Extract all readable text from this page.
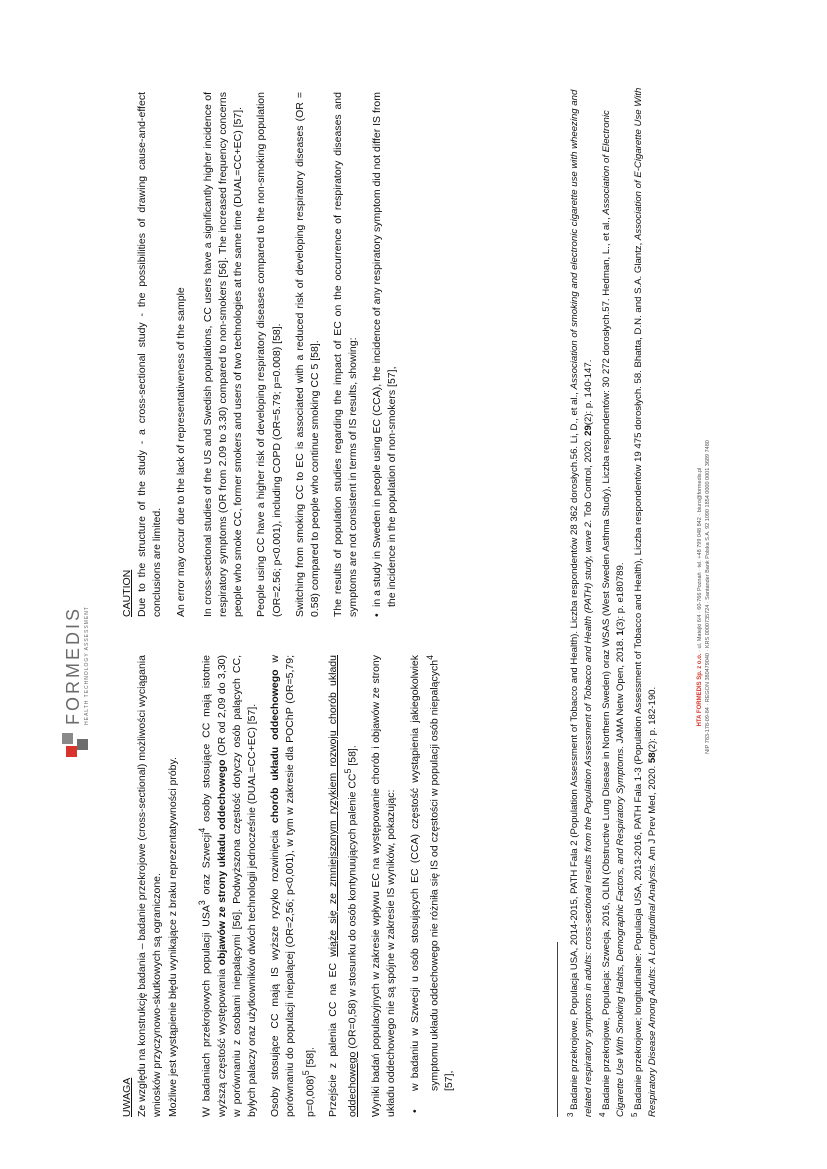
FORMEDIS HEALTH TECHNOLOGY ASSESSMENT

UWAGA Ze względu na konstrukcję badania – badanie przekrojowe (cross-sectional) możliwości wyciągania wniosków przyczynowo-skutkowych są ograniczone. Możliwe jest wystąpienie błędu wynikające z braku reprezentatywności próby.	W badaniach przekrojowych populacji USA$^3$ oraz Szwecji$^4$ osoby stosujące CC mają istotnie wyższą częstość występowania objawów ze strony układu oddechowego (OR od 2,09 do 3,30) w porównaniu z osobami niepalącymi [56]. Podwyższona częstość dotyczy osób palących CC, byłych palaczy oraz użytkowników dwóch technologii jednocześnie (DUAL=CC+EC) [57]. Osoby stosujące CC mają IS wyższe ryzyko rozwinięcia chorób układu oddechowego w porównaniu do populacji niepalącej (OR=2,56; p<0,001), w tym w zakresie dla POChP (OR=5,79; p=0,008)$^5$ [58]. Przejście z palenia CC na EC wiąże się ze zmniejszonym ryzykiem rozwoju chorób układu oddechowego (OR=0,58) w stosunku do osób kontynuujących palenie $CC^5$ [58]. Wyniki badań populacyjnych w zakresie wpływu EC na występowanie chorób i objawów ze strony układu oddechowego nie są spójne w zakresie IS wyników, pokazując: •
w badaniu w Szwecji u osób stosujących EC (CCA) częstość wystąpienia jakiegokolwiek symptomu układu oddechowego nie różniła się IS od częstości w populacji osób niepalących$^4$ [57],

CAUTION Due to the structure of the study - a cross-sectional study - the possibilities of drawing cause-and-effect conclusions are limited. An error may occur due to the lack of representativeness of the sample In cross-sectional studies of the US and Swedish populations, CC users have a significantly higher incidence of respiratory symptoms (OR from 2.09 to 3.30) compared to non-smokers [56]. The increased frequency concerns people who smoke CC, former smokers and users of two technologies at the same time (DUAL=CC+EC) [57]. People using CC have a higher risk of developing respiratory diseases compared to the non-smoking population (OR=2.56; p<0.001), including COPD (OR=5.79; p=0.008) [58]. Switching from smoking CC to EC is associated with a reduced risk of developing respiratory diseases (OR = 0.58) compared to people who continue smoking CC 5 [58]. The results of population studies regarding the impact of EC on the occurrence of respiratory diseases and symptoms are not consistent in terms of IS results, showing: •
in a study in Sweden in people using EC (CCA), the incidence of any respiratory symptom did not differ IS from the incidence in the population of non-smokers [57],

$^3$ Badanie przekrojowe, Populacja USA, 2014-2015, PATH Fala 2 (Population Assessment of Tobacco and Health). Liczba respondentów 28 362 dorosłych.56. Li, D., et al., Association of smoking and electronic cigarette use with wheezing and related respiratory symptoms in adults: cross-sectional results from the Population Assessment of Tobacco and Health (PATH) study, wave 2. Tob Control, 2020. 29(2): p. 140-147.

$^4$ Badanie przekrojowe, Populacja: Szwecja, 2016, OLIN (Obstructive Lung Disease in Northern Sweden) oraz WSAS (West Sweden Asthma Study), Liczba respondentów: 30 272 dorosłych.57. Hedman, L., et al., Association of Electronic Cigarette Use With Smoking Habits, Demographic Factors, and Respiratory Symptoms. JAMA Netw Open, 2018. 1(3): p. e180789.

$^5$ Badanie przekrojowe; longitudinalne: Populacja USA, 2013-2016, PATH Fala 1-3 (Population Assessment of Tobacco and Health), Liczba respondentów 19 475 dorosłych. 58. Bhatta, D.N. and S.A. Glantz, Association of E-Cigarette Use With Respiratory Disease Among Adults: A Longitudinal Analysis. Am J Prev Med, 2020. 58(2): p. 182-190.	HTA FORMEDIS Sp. z o.o. · ul. Matejki 6/4 · 60-766 Poznań · tel. +48 799 048 842 · biuro@formedis.pl NIP 783-178-09-84 · REGON 380479040 · KRS 0000735724 · Santander Bank Polska S.A. 92 1090 1854 0000 0001 3689 7480
